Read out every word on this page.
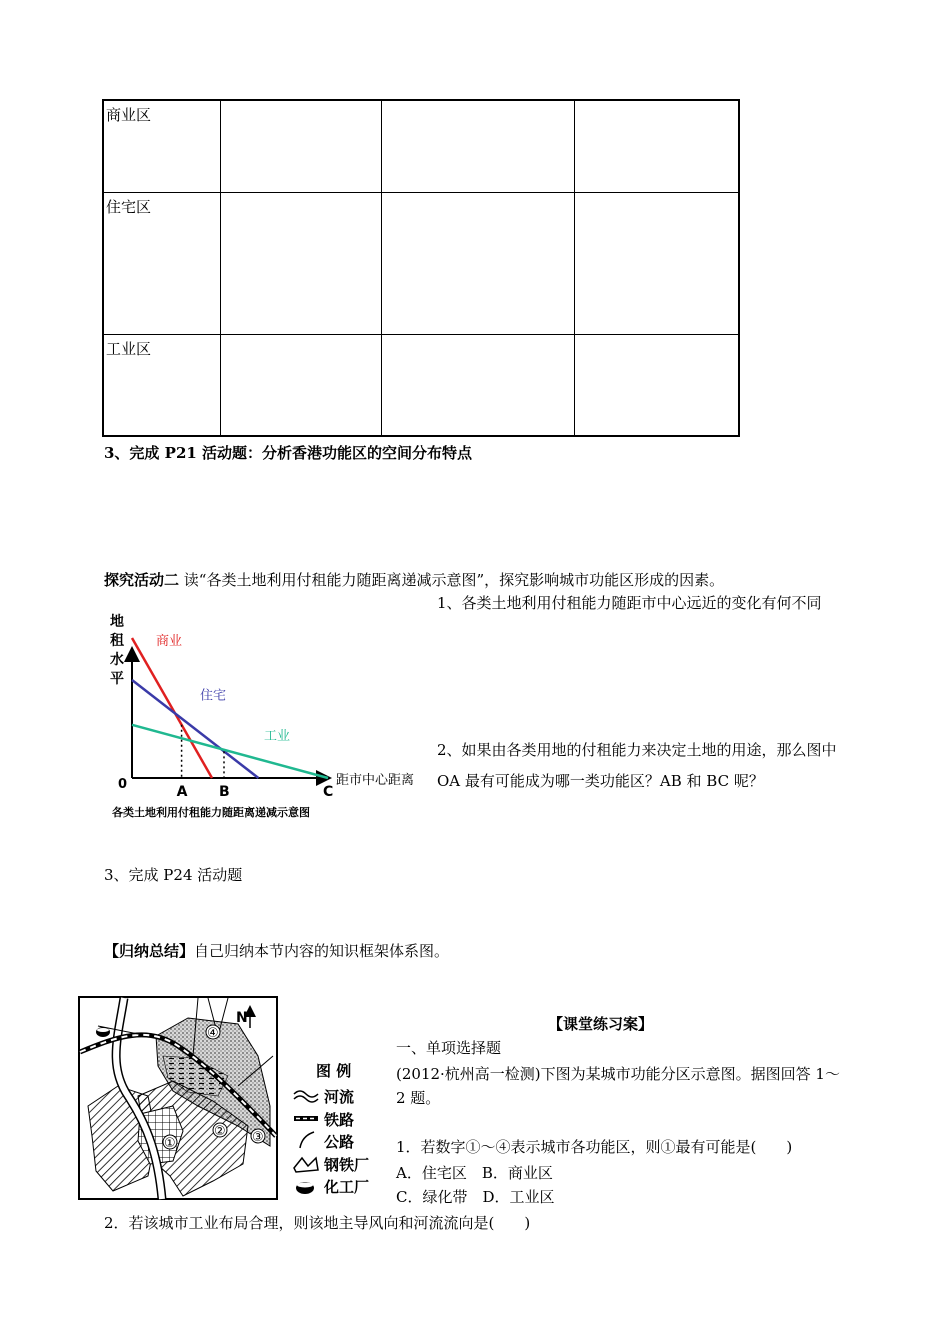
商业区			
住宅区			
工业区			
3、完成 P21 活动题：分析香港功能区的空间分布特点
探究活动二 读“各类土地利用付租能力随距离递减示意图”，探究影响城市功能区形成的因素。
地
租
水
平
0	距市中心距离
商业
住宅
工业
A B	C
各类土地利用付租能力随距离递减示意图
1、各类土地利用付租能力随距市中心远近的变化有何不同
2、如果由各类用地的付租能力来决定土地的用途，那么图中 OA 最有可能成为哪一类功能区？AB 和 BC 呢？
3、完成 P24 活动题
【归纳总结】自己归纳本节内容的知识框架体系图。
N
④
①
② ③
图 例
河流
铁路
公路
钢铁厂
化工厂
【课堂练习案】
一、单项选择题
(2012·杭州高一检测)下图为某城市功能分区示意图。据图回答 1～2 题。
1．若数字①～④表示城市各功能区，则①最有可能是(　　)
A．住宅区　B．商业区
C．绿化带　D．工业区
2．若该城市工业布局合理，则该地主导风向和河流流向是(　　)
